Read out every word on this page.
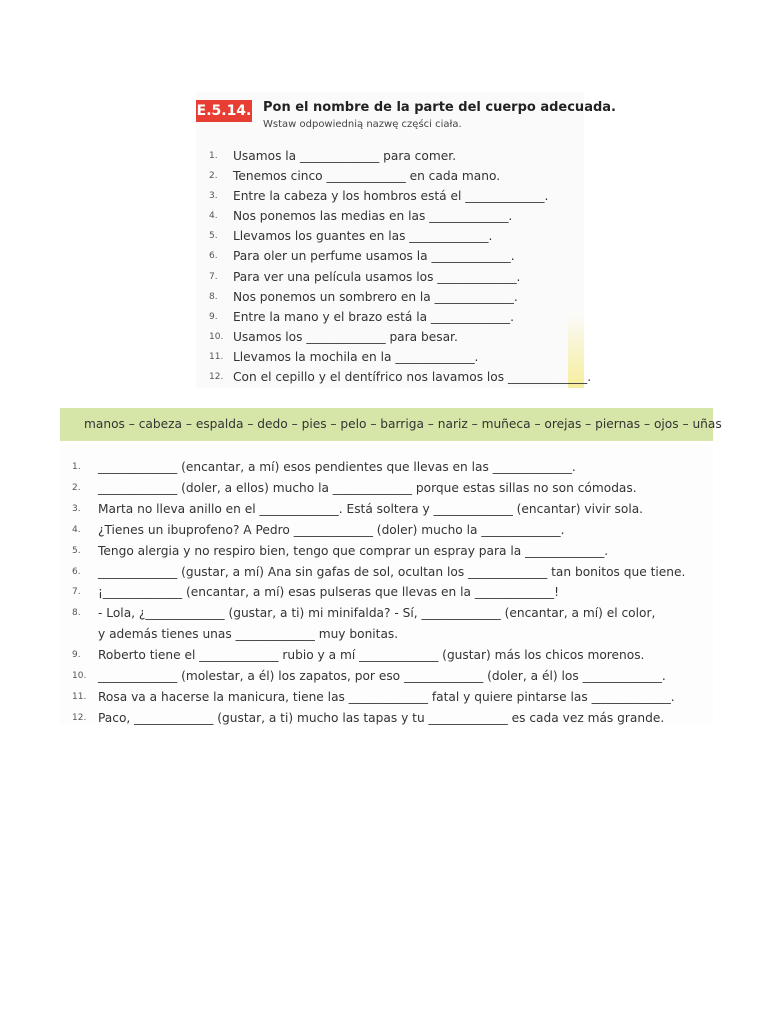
E.5.14. Pon el nombre de la parte del cuerpo adecuada.
Wstaw odpowiednią nazwę części ciała.
1. Usamos la _____________ para comer.
2. Tenemos cinco _____________ en cada mano.
3. Entre la cabeza y los hombros está el _____________.
4. Nos ponemos las medias en las _____________.
5. Llevamos los guantes en las _____________.
6. Para oler un perfume usamos la _____________.
7. Para ver una película usamos los _____________.
8. Nos ponemos un sombrero en la _____________.
9. Entre la mano y el brazo está la _____________.
10. Usamos los _____________ para besar.
11. Llevamos la mochila en la _____________.
12. Con el cepillo y el dentífrico nos lavamos los _____________.
manos – cabeza – espalda – dedo – pies – pelo – barriga – nariz – muñeca – orejas – piernas – ojos – uñas
1. _____________ (encantar, a mí) esos pendientes que llevas en las _____________.
2. _____________ (doler, a ellos) mucho la _____________ porque estas sillas no son cómodas.
3. Marta no lleva anillo en el _____________. Está soltera y _____________ (encantar) vivir sola.
4. ¿Tienes un ibuprofeno? A Pedro _____________ (doler) mucho la _____________.
5. Tengo alergia y no respiro bien, tengo que comprar un espray para la _____________.
6. _____________ (gustar, a mí) Ana sin gafas de sol, ocultan los _____________ tan bonitos que tiene.
7. ¡_____________ (encantar, a mí) esas pulseras que llevas en la _____________!
8. - Lola, ¿_____________ (gustar, a ti) mi minifalda? - Sí, _____________ (encantar, a mí) el color,
y además tienes unas _____________ muy bonitas.
9. Roberto tiene el _____________ rubio y a mí _____________ (gustar) más los chicos morenos.
10. _____________ (molestar, a él) los zapatos, por eso _____________ (doler, a él) los _____________.
11. Rosa va a hacerse la manicura, tiene las _____________ fatal y quiere pintarse las _____________.
12. Paco, _____________ (gustar, a ti) mucho las tapas y tu _____________ es cada vez más grande.
